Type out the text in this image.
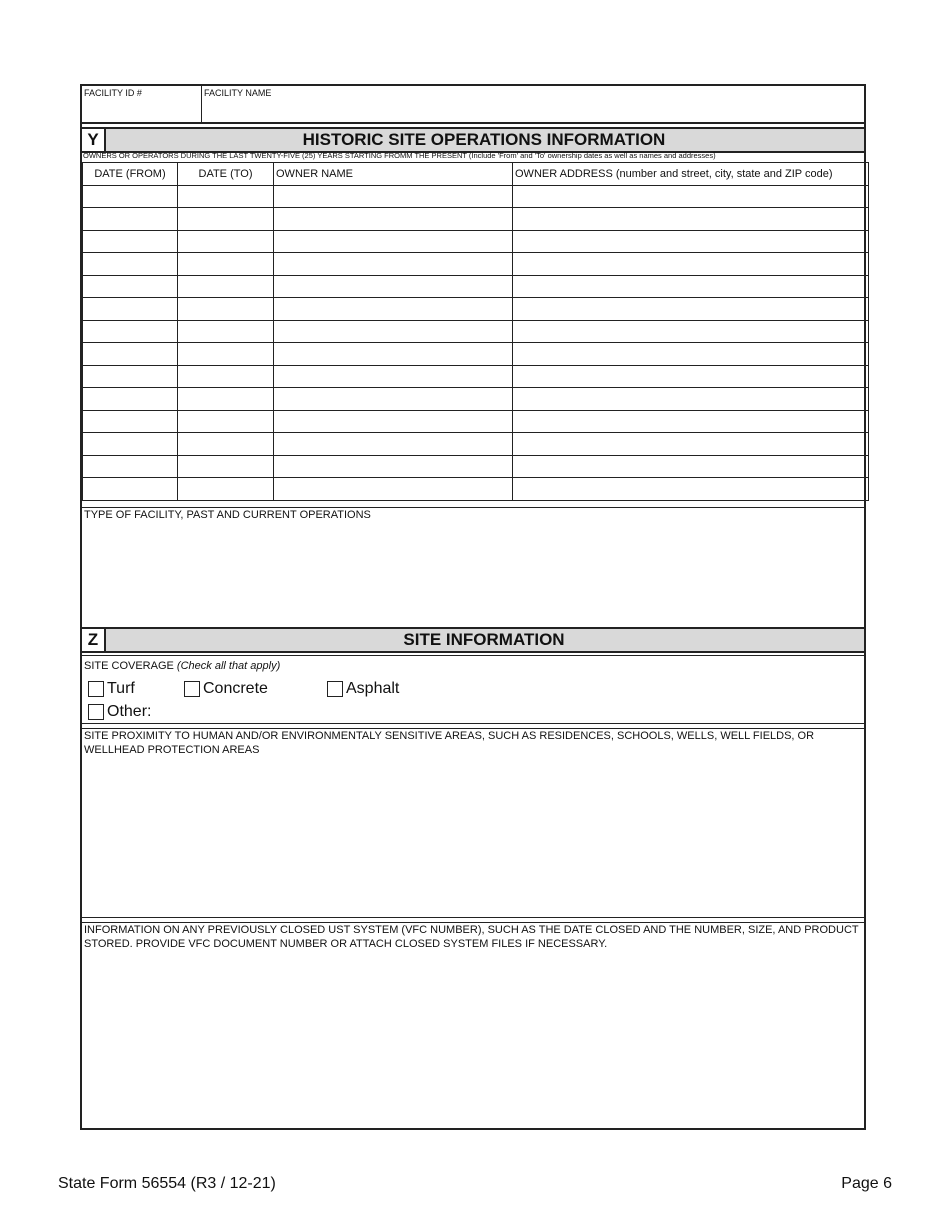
FACILITY ID #	FACILITY NAME
Y	HISTORIC SITE OPERATIONS INFORMATION
OWNERS OR OPERATORS DURING THE LAST TWENTY-FIVE (25) YEARS STARTING FROMM THE PRESENT (Include 'From' and 'To' ownership dates as well as names and addresses)
DATE (FROM)	DATE (TO)	OWNER NAME	OWNER ADDRESS (number and street, city, state and ZIP code)

TYPE OF FACILITY, PAST AND CURRENT OPERATIONS
Z	SITE INFORMATION
SITE COVERAGE (Check all that apply)
Turf	Concrete	Asphalt
Other:
SITE PROXIMITY TO HUMAN AND/OR ENVIRONMENTALY SENSITIVE AREAS, SUCH AS RESIDENCES, SCHOOLS, WELLS, WELL FIELDS, OR WELLHEAD PROTECTION AREAS
INFORMATION ON ANY PREVIOUSLY CLOSED UST SYSTEM (VFC NUMBER), SUCH AS THE DATE CLOSED AND THE NUMBER, SIZE, AND PRODUCT STORED. PROVIDE VFC DOCUMENT NUMBER OR ATTACH CLOSED SYSTEM FILES IF NECESSARY.
State Form 56554 (R3 / 12-21)	Page 6
